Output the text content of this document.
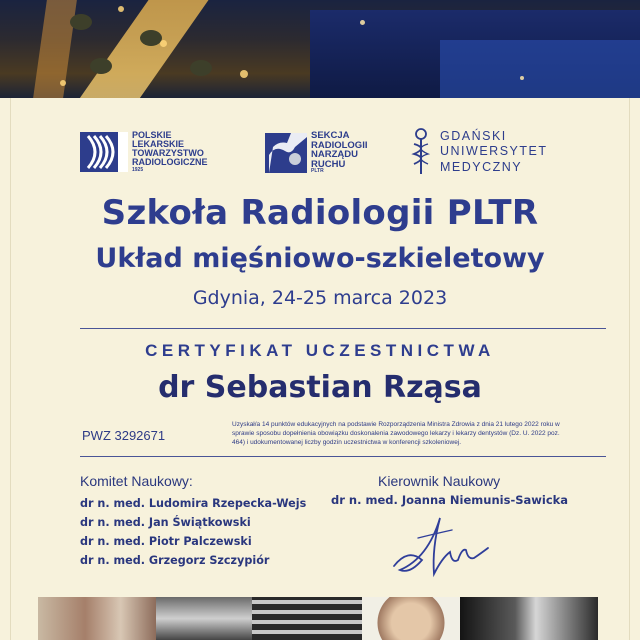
POLSKIE
LEKARSKIE
TOWARZYSTWO
RADIOLOGICZNE
1925
SEKCJA
RADIOLOGII
NARZĄDU
RUCHU
PLTR
GDAŃSKI
UNIWERSYTET
MEDYCZNY
Szkoła Radiologii PLTR
Układ mięśniowo-szkieletowy
Gdynia, 24-25 marca 2023
CERTYFIKAT UCZESTNICTWA
dr Sebastian Rząsa
PWZ 3292671
Uzyskał/a 14 punktów edukacyjnych na podstawie Rozporządzenia Ministra Zdrowia z dnia 21 lutego 2022 roku w sprawie sposobu dopełnienia obowiązku doskonalenia zawodowego lekarzy i lekarzy dentystów (Dz. U. 2022 poz. 464) i udokumentowanej liczby godzin uczestnictwa w konferencji szkoleniowej.
Komitet Naukowy:
dr n. med. Ludomira Rzepecka-Wejs
dr n. med. Jan Świątkowski
dr n. med. Piotr Palczewski
dr n. med. Grzegorz Szczypiór
Kierownik Naukowy
dr n. med. Joanna Niemunis-Sawicka
